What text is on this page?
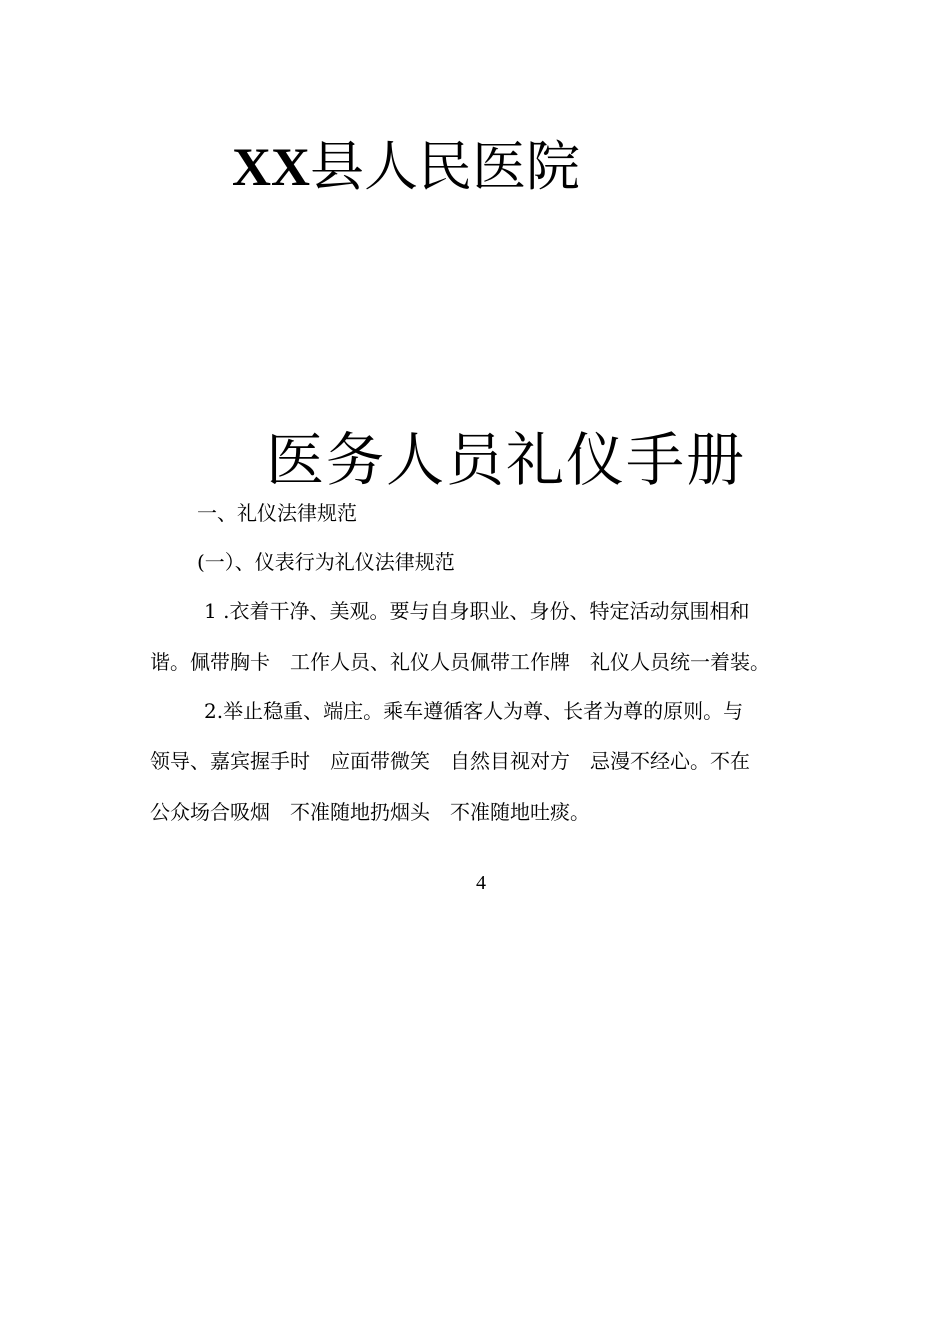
XX县人民医院
医务人员礼仪手册
一、礼仪法律规范
(一）、仪表行为礼仪法律规范
1 .衣着干净、美观。要与自身职业、身份、特定活动氛围相和
谐。佩带胸卡　工作人员、礼仪人员佩带工作牌　礼仪人员统一着装。
2.举止稳重、端庄。乘车遵循客人为尊、长者为尊的原则。与
领导、嘉宾握手时　应面带微笑　自然目视对方　忌漫不经心。不在
公众场合吸烟　不准随地扔烟头　不准随地吐痰。
4
